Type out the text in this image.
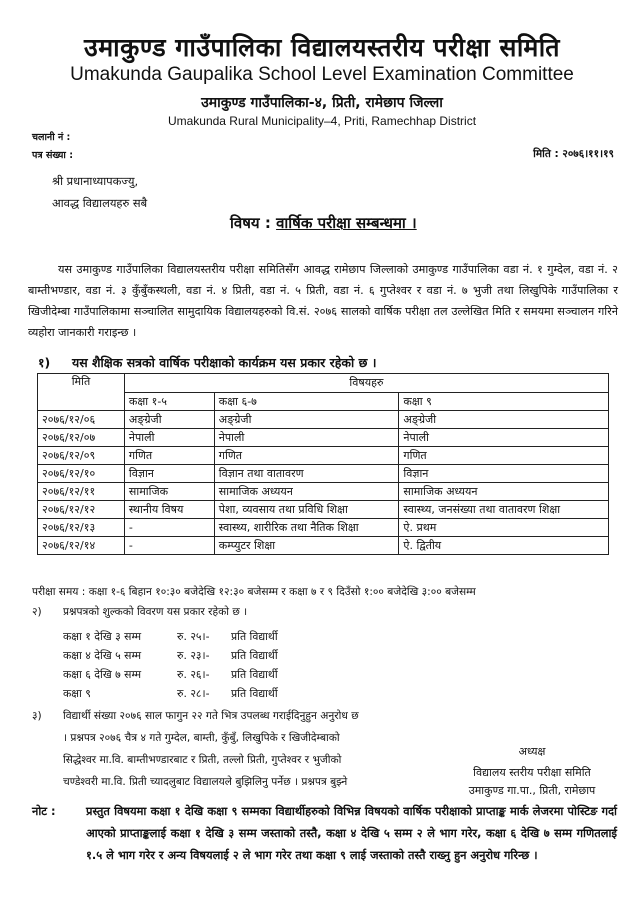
उमाकुण्ड गाउँपालिका विद्यालयस्तरीय परीक्षा समिति
Umakunda Gaupalika School Level Examination Committee
उमाकुण्ड गाउँपालिका-४, प्रिती, रामेछाप जिल्ला
Umakunda Rural Municipality–4, Priti, Ramechhap District
चलानी नं :
पत्र संख्या :	मिति : २०७६।११।१९
श्री प्रधानाध्यापकज्यु,
आवद्ध विद्यालयहरु सबै
विषय : वार्षिक परीक्षा सम्बन्धमा ।
यस उमाकुण्ड गाउँपालिका विद्यालयस्तरीय परीक्षा समितिसँग आवद्ध रामेछाप जिल्लाको उमाकुण्ड गाउँपालिका वडा नं. १ गुम्देल, वडा नं. २ बाम्तीभण्डार, वडा नं. ३ कुँबुँकस्थली, वडा नं. ४ प्रिती, वडा नं. ५ प्रिती, वडा नं. ६ गुप्तेश्वर र वडा नं. ७ भुजी तथा लिखुपिके गाउँपालिका र खिजीदेम्बा गाउँपालिकामा सञ्चालित सामुदायिक विद्यालयहरुको वि.सं. २०७६ सालको वार्षिक परीक्षा तल उल्लेखित मिति र समयमा सञ्चालन गरिने व्यहोरा जानकारी गराइन्छ ।
१) यस शैक्षिक सत्रको वार्षिक परीक्षाको कार्यक्रम यस प्रकार रहेको छ ।
मिति	विषयहरु		
	कक्षा १-५	कक्षा ६-७	कक्षा ९
२०७६/१२/०६	अङ्ग्रेजी	अङ्ग्रेजी	अङ्ग्रेजी
२०७६/१२/०७	नेपाली	नेपाली	नेपाली
२०७६/१२/०९	गणित	गणित	गणित
२०७६/१२/१०	विज्ञान	विज्ञान तथा वातावरण	विज्ञान
२०७६/१२/११	सामाजिक	सामाजिक अध्ययन	सामाजिक अध्ययन
२०७६/१२/१२	स्थानीय विषय	पेशा, व्यवसाय तथा प्रविधि शिक्षा	स्वास्थ्य, जनसंख्या तथा वातावरण शिक्षा
२०७६/१२/१३	-	स्वास्थ्य, शारीरिक तथा नैतिक शिक्षा	ऐ. प्रथम
२०७६/१२/१४	-	कम्प्युटर शिक्षा	ऐ. द्वितीय
परीक्षा समय : कक्षा १-६ बिहान १०:३० बजेदेखि १२:३० बजेसम्म र कक्षा ७ र ९ दिउँसो १:०० बजेदेखि ३:०० बजेसम्म
२) प्रश्नपत्रको शुल्कको विवरण यस प्रकार रहेको छ ।
कक्षा १ देखि ३ सम्म	रु. २५।- प्रति विद्यार्थी
कक्षा ४ देखि ५ सम्म	रु. २३।- प्रति विद्यार्थी
कक्षा ६ देखि ७ सम्म	रु. २६।- प्रति विद्यार्थी
कक्षा ९	रु. २८।- प्रति विद्यार्थी
३) विद्यार्थी संख्या २०७६ साल फागुन २२ गते भित्र उपलब्ध गराईदिनुहुन अनुरोध छ
। प्रश्नपत्र २०७६ चैत्र ४ गते गुम्देल, बाम्ती, कुँबुँ, लिखुपिके र खिजीदेम्बाको
सिद्धेश्वर मा.वि. बाम्तीभण्डारबाट र प्रिती, तल्लो प्रिती, गुप्तेश्वर र भुजीको
चण्डेश्वरी मा.वि. प्रिती च्यादलुबाट विद्यालयले बुझिलिनु पर्नेछ । प्रश्नपत्र बुझ्ने
अध्यक्ष
विद्यालय स्तरीय परीक्षा समिति
उमाकुण्ड गा.पा., प्रिती, रामेछाप
नोट :	प्रस्तुत विषयमा कक्षा १ देखि कक्षा ९ सम्मका विद्यार्थीहरुको विभिन्न विषयको वार्षिक परीक्षाको प्राप्ताङ्क मार्क लेजरमा पोस्टिङ गर्दा आएको प्राप्ताङ्कलाई कक्षा १ देखि ३ सम्म जस्ताको तस्तै, कक्षा ४ देखि ५ सम्म २ ले भाग गरेर, कक्षा ६ देखि ७ सम्म गणितलाई १.५ ले भाग गरेर र अन्य विषयलाई २ ले भाग गरेर तथा कक्षा ९ लाई जस्ताको तस्तै राख्नु हुन अनुरोध गरिन्छ ।
